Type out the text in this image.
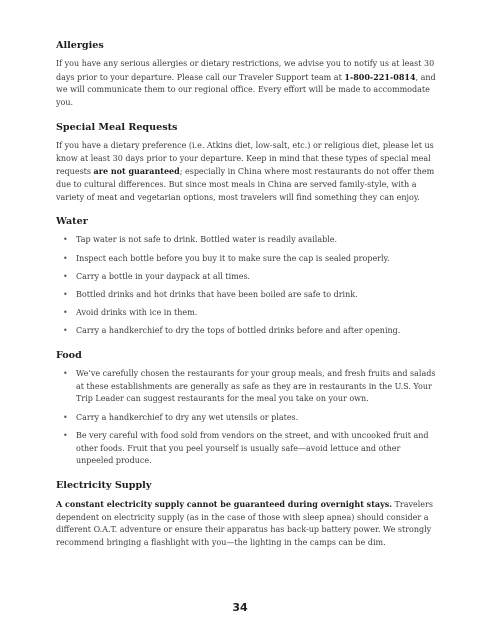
Allergies

If you have any serious allergies or dietary restrictions, we advise you to notify us at least 30 days prior to your departure. Please call our Traveler Support team at 1-800-221-0814, and we will communicate them to our regional office. Every effort will be made to accommodate you.

Special Meal Requests

If you have a dietary preference (i.e. Atkins diet, low-salt, etc.) or religious diet, please let us know at least 30 days prior to your departure. Keep in mind that these types of special meal requests are not guaranteed; especially in China where most restaurants do not offer them due to cultural differences. But since most meals in China are served family-style, with a variety of meat and vegetarian options, most travelers will find something they can enjoy.

Water
• Tap water is not safe to drink. Bottled water is readily available.
• Inspect each bottle before you buy it to make sure the cap is sealed properly.
• Carry a bottle in your daypack at all times.
• Bottled drinks and hot drinks that have been boiled are safe to drink.
• Avoid drinks with ice in them.
• Carry a handkerchief to dry the tops of bottled drinks before and after opening.
Food
• We’ve carefully chosen the restaurants for your group meals, and fresh fruits and salads at these establishments are generally as safe as they are in restaurants in the U.S. Your Trip Leader can suggest restaurants for the meal you take on your own.
• Carry a handkerchief to dry any wet utensils or plates.
• Be very careful with food sold from vendors on the street, and with uncooked fruit and other foods. Fruit that you peel yourself is usually safe—avoid lettuce and other unpeeled produce.
Electricity Supply

A constant electricity supply cannot be guaranteed during overnight stays. Travelers dependent on electricity supply (as in the case of those with sleep apnea) should consider a different O.A.T. adventure or ensure their apparatus has back-up battery power. We strongly recommend bringing a flashlight with you—the lighting in the camps can be dim.

34
